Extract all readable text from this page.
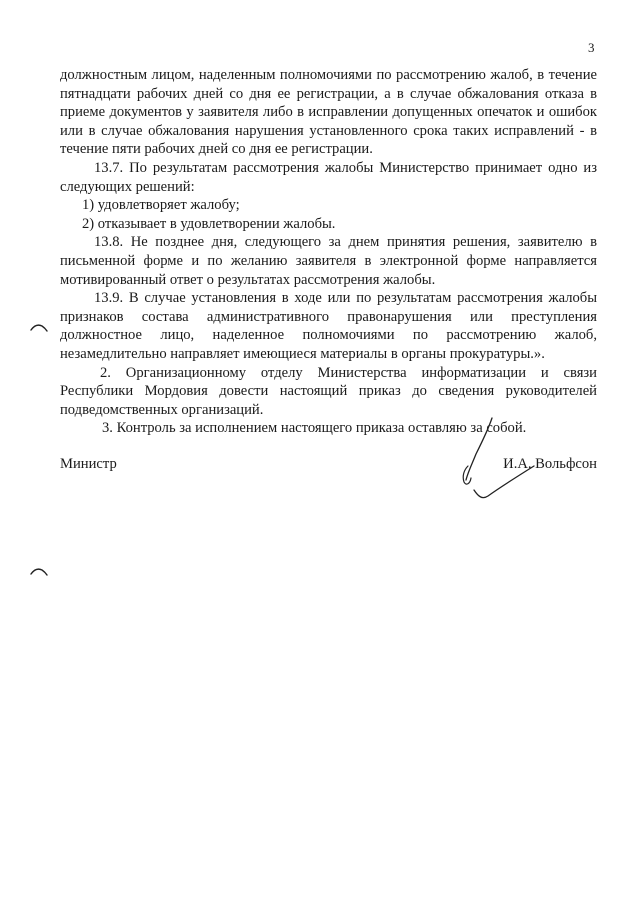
3

должностным лицом, наделенным полномочиями по рассмотрению жалоб, в течение пятнадцати рабочих дней со дня ее регистрации, а в случае обжалования отказа в приеме документов у заявителя либо в исправлении допущенных опечаток и ошибок или в случае обжалования нарушения установленного срока таких исправлений - в течение пяти рабочих дней со дня ее регистрации.

13.7. По результатам рассмотрения жалобы Министерство принимает одно из следующих решений:

1) удовлетворяет жалобу;

2) отказывает в удовлетворении жалобы.

13.8. Не позднее дня, следующего за днем принятия решения, заявителю в письменной форме и по желанию заявителя в электронной форме направляется мотивированный ответ о результатах рассмотрения жалобы.

13.9. В случае установления в ходе или по результатам рассмотрения жалобы признаков состава административного правонарушения или преступления должностное лицо, наделенное полномочиями по рассмотрению жалоб, незамедлительно направляет имеющиеся материалы в органы прокуратуры.».

2. Организационному отделу Министерства информатизации и связи Республики Мордовия довести настоящий приказ до сведения руководителей подведомственных организаций.

3. Контроль за исполнением настоящего приказа оставляю за собой.

Министр	И.А. Вольфсон
